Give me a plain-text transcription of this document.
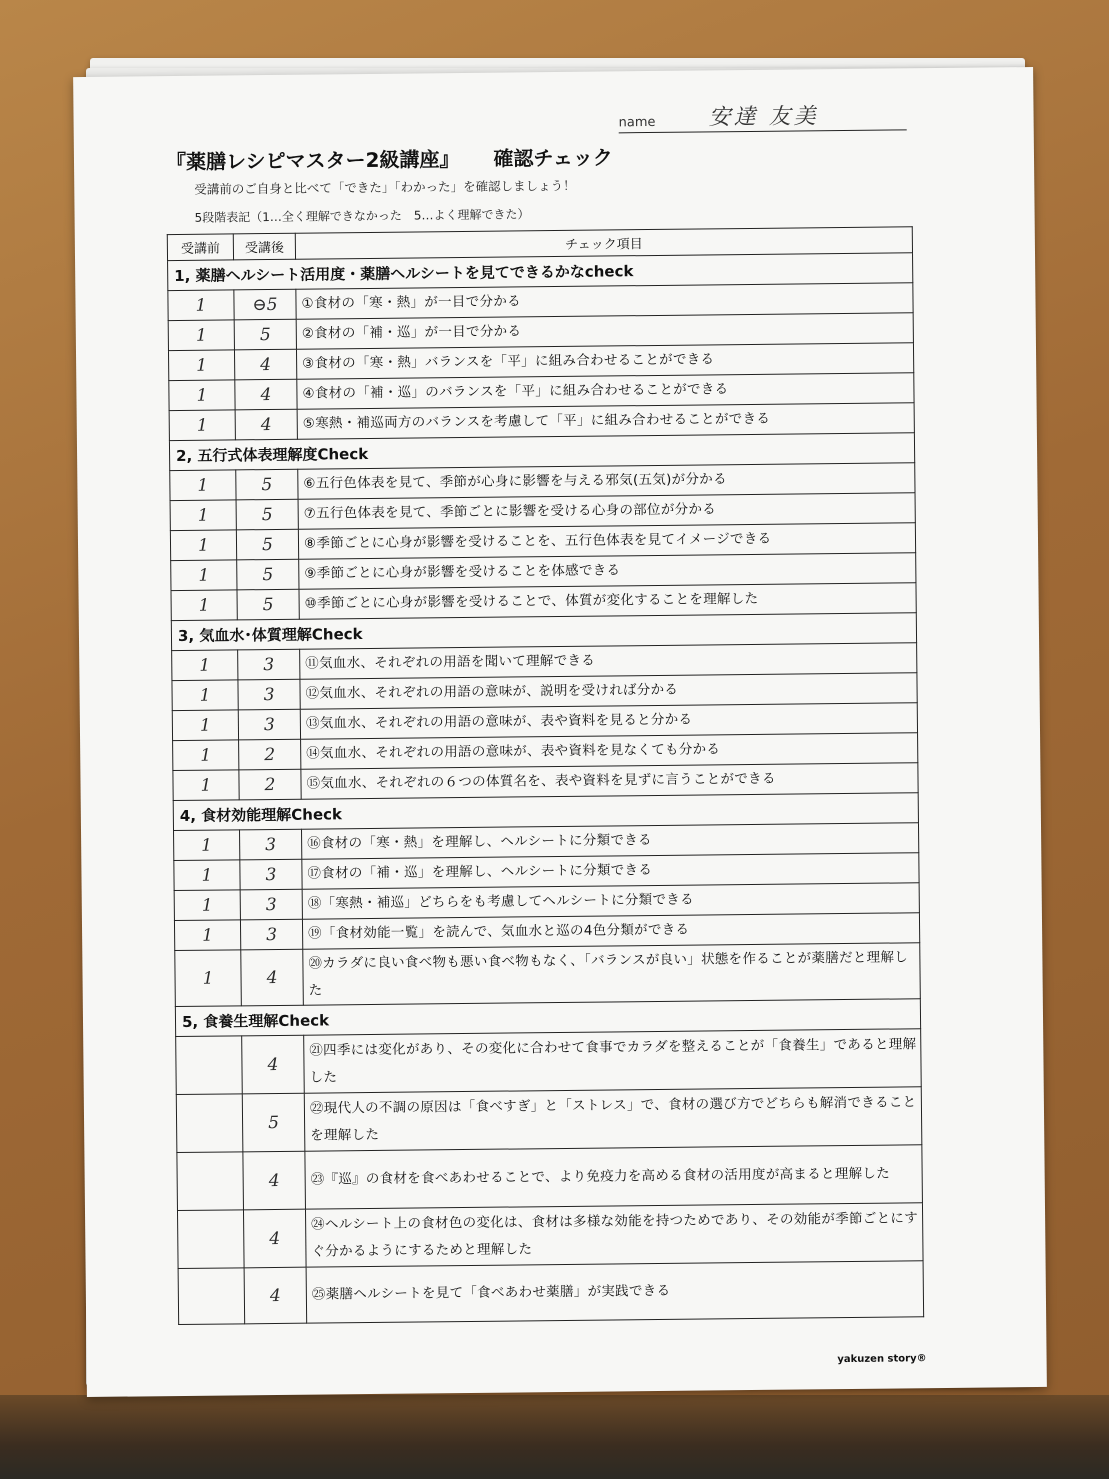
name 安達 友美
『薬膳レシピマスター2級講座』 確認チェック
受講前のご自身と比べて「できた」「わかった」を確認しましょう！
5段階表記（1…全く理解できなかった　5…よく理解できた）
受講前	受講後	チェック項目
1, 薬膳ヘルシート活用度・薬膳ヘルシートを見てできるかなcheck		
1	⊖5	①食材の「寒・熱」が一目で分かる
1	5	②食材の「補・巡」が一目で分かる
1	4	③食材の「寒・熱」バランスを「平」に組み合わせることができる
1	4	④食材の「補・巡」のバランスを「平」に組み合わせることができる
1	4	⑤寒熱・補巡両方のバランスを考慮して「平」に組み合わせることができる
2, 五行式体表理解度Check		
1	5	⑥五行色体表を見て、季節が心身に影響を与える邪気(五気)が分かる
1	5	⑦五行色体表を見て、季節ごとに影響を受ける心身の部位が分かる
1	5	⑧季節ごとに心身が影響を受けることを、五行色体表を見てイメージできる
1	5	⑨季節ごとに心身が影響を受けることを体感できる
1	5	⑩季節ごとに心身が影響を受けることで、体質が変化することを理解した
3, 気血水･体質理解Check		
1	3	⑪気血水、それぞれの用語を聞いて理解できる
1	3	⑫気血水、それぞれの用語の意味が、説明を受ければ分かる
1	3	⑬気血水、それぞれの用語の意味が、表や資料を見ると分かる
1	2	⑭気血水、それぞれの用語の意味が、表や資料を見なくても分かる
1	2	⑮気血水、それぞれの６つの体質名を、表や資料を見ずに言うことができる
4, 食材効能理解Check		
1	3	⑯食材の「寒・熱」を理解し、ヘルシートに分類できる
1	3	⑰食材の「補・巡」を理解し、ヘルシートに分類できる
1	3	⑱「寒熱・補巡」どちらをも考慮してヘルシートに分類できる
1	3	⑲「食材効能一覧」を読んで、気血水と巡の4色分類ができる
1	4	⑳カラダに良い食べ物も悪い食べ物もなく、「バランスが良い」状態を作ることが薬膳だと理解した
5, 食養生理解Check		
	4	㉑四季には変化があり、その変化に合わせて食事でカラダを整えることが「食養生」であると理解した
	5	㉒現代人の不調の原因は「食べすぎ」と「ストレス」で、食材の選び方でどちらも解消できることを理解した
	4	㉓『巡』の食材を食べあわせることで、より免疫力を高める食材の活用度が高まると理解した
	4	㉔ヘルシート上の食材色の変化は、食材は多様な効能を持つためであり、その効能が季節ごとにすぐ分かるようにするためと理解した
	4	㉕薬膳ヘルシートを見て「食べあわせ薬膳」が実践できる
yakuzen story®
